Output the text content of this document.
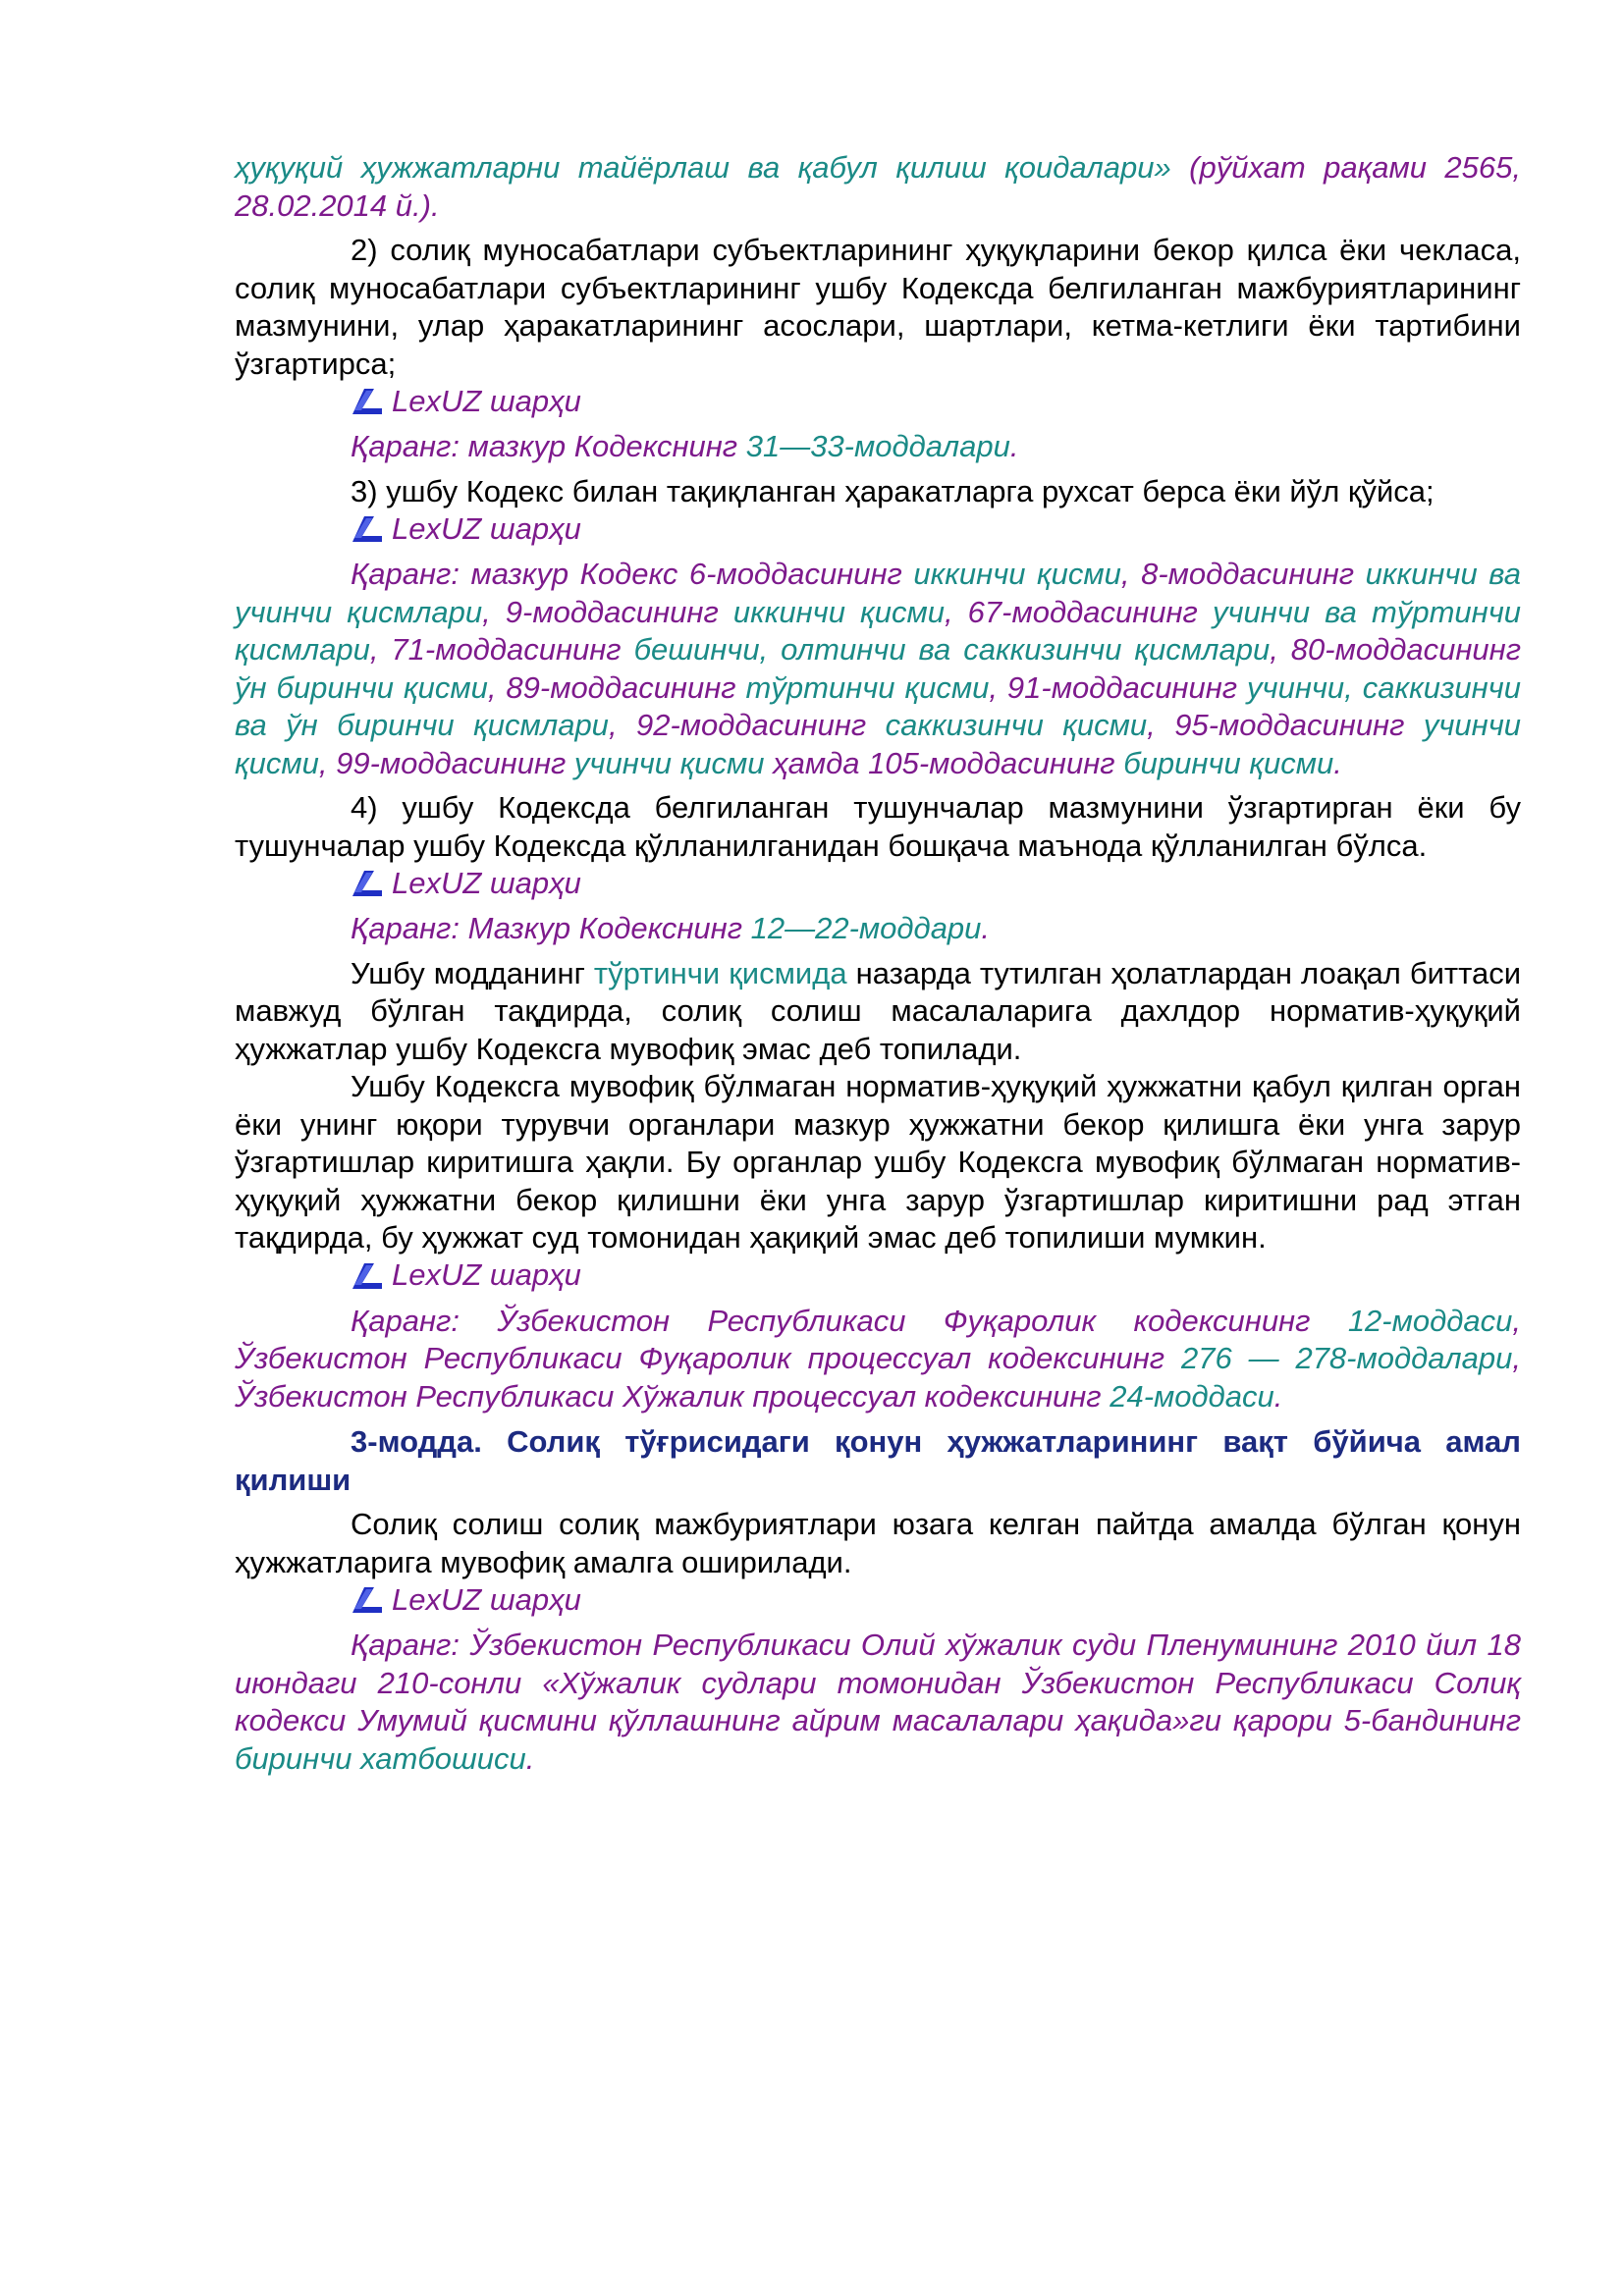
ҳуқуқий ҳужжатларни тайёрлаш ва қабул қилиш қоидалари» (рўйхат рақами 2565, 28.02.2014 й.).

2) солиқ муносабатлари субъектларининг ҳуқуқларини бекор қилса ёки чекласа, солиқ муносабатлари субъектларининг ушбу Кодексда белгиланган мажбуриятларининг мазмунини, улар ҳаракатларининг асослари, шартлари, кетма-кетлиги ёки тартибини ўзгартирса;

LexUZ шарҳи

Қаранг: мазкур Кодекснинг 31—33-моддалари.

3) ушбу Кодекс билан тақиқланган ҳаракатларга рухсат берса ёки йўл қўйса;

LexUZ шарҳи

Қаранг: мазкур Кодекс 6-моддасининг иккинчи қисми, 8-моддасининг иккинчи ва учинчи қисмлари, 9-моддасининг иккинчи қисми, 67-моддасининг учинчи ва тўртинчи қисмлари, 71-моддасининг бешинчи, олтинчи ва саккизинчи қисмлари, 80-моддасининг ўн биринчи қисми, 89-моддасининг тўртинчи қисми, 91-моддасининг учинчи, саккизинчи ва ўн биринчи қисмлари, 92-моддасининг саккизинчи қисми, 95-моддасининг учинчи қисми, 99-моддасининг учинчи қисми ҳамда 105-моддасининг биринчи қисми.

4) ушбу Кодексда белгиланган тушунчалар мазмунини ўзгартирган ёки бу тушунчалар ушбу Кодексда қўлланилганидан бошқача маънода қўлланилган бўлса.

LexUZ шарҳи

Қаранг: Мазкур Кодекснинг 12—22-моддари.

Ушбу модданинг тўртинчи қисмида назарда тутилган ҳолатлардан лоақал биттаси мавжуд бўлган тақдирда, солиқ солиш масалаларига дахлдор норматив-ҳуқуқий ҳужжатлар ушбу Кодексга мувофиқ эмас деб топилади.

Ушбу Кодексга мувофиқ бўлмаган норматив-ҳуқуқий ҳужжатни қабул қилган орган ёки унинг юқори турувчи органлари мазкур ҳужжатни бекор қилишга ёки унга зарур ўзгартишлар киритишга ҳақли. Бу органлар ушбу Кодексга мувофиқ бўлмаган норматив-ҳуқуқий ҳужжатни бекор қилишни ёки унга зарур ўзгартишлар киритишни рад этган тақдирда, бу ҳужжат суд томонидан ҳақиқий эмас деб топилиши мумкин.

LexUZ шарҳи

Қаранг: Ўзбекистон Республикаси Фуқаролик кодексининг 12-моддаси, Ўзбекистон Республикаси Фуқаролик процессуал кодексининг 276 — 278-моддалари, Ўзбекистон Республикаси Хўжалик процессуал кодексининг 24-моддаси.

3-модда. Солиқ тўғрисидаги қонун ҳужжатларининг вақт бўйича амал қилиши

Солиқ солиш солиқ мажбуриятлари юзага келган пайтда амалда бўлган қонун ҳужжатларига мувофиқ амалга оширилади.

LexUZ шарҳи

Қаранг: Ўзбекистон Республикаси Олий хўжалик суди Пленумининг 2010 йил 18 июндаги 210-сонли «Хўжалик судлари томонидан Ўзбекистон Республикаси Солиқ кодекси Умумий қисмини қўллашнинг айрим масалалари ҳақида»ги қарори 5-бандининг биринчи хатбошиси.
